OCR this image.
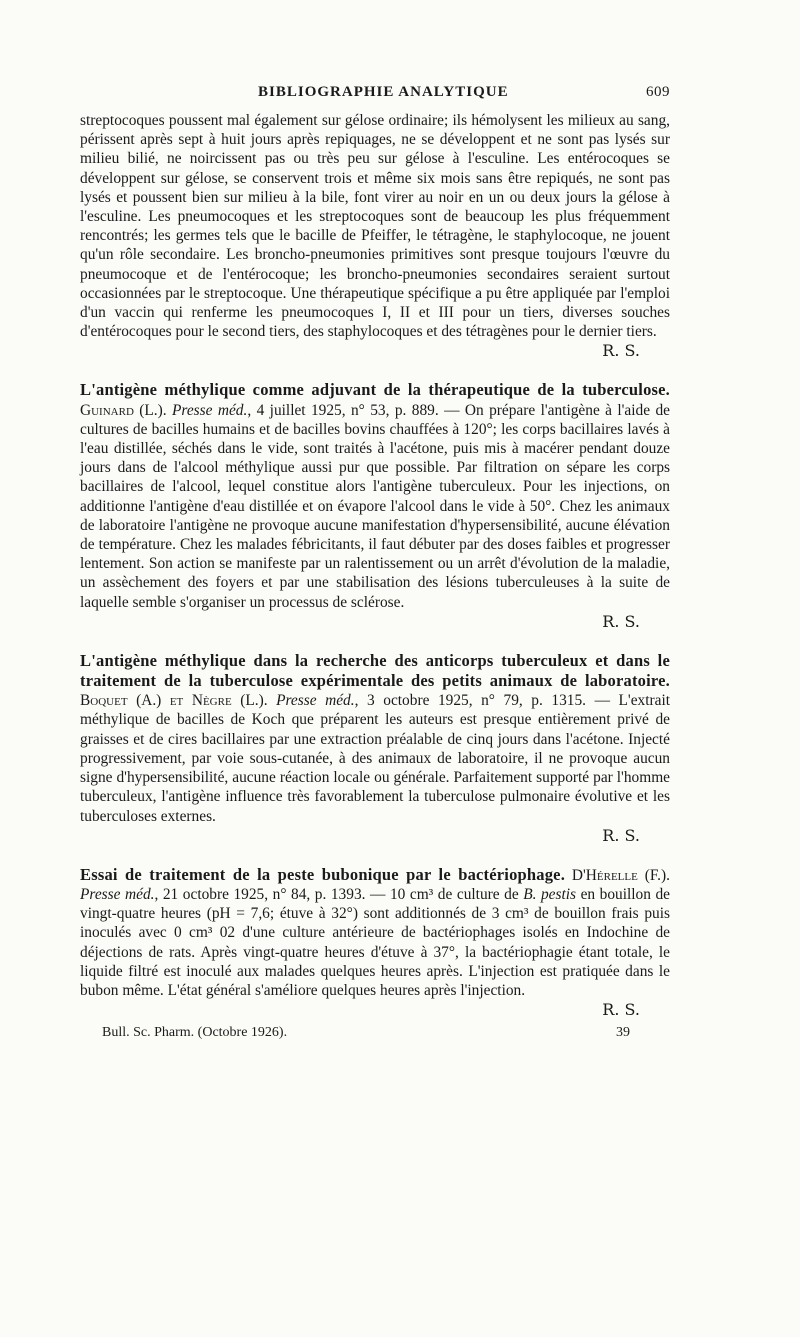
BIBLIOGRAPHIE ANALYTIQUE	609

streptocoques poussent mal également sur gélose ordinaire; ils hémolysent les milieux au sang, périssent après sept à huit jours après repiquages, ne se développent et ne sont pas lysés sur milieu bilié, ne noircissent pas ou très peu sur gélose à l'esculine. Les entérocoques se développent sur gélose, se conservent trois et même six mois sans être repiqués, ne sont pas lysés et poussent bien sur milieu à la bile, font virer au noir en un ou deux jours la gélose à l'esculine. Les pneumocoques et les streptocoques sont de beaucoup les plus fréquemment rencontrés; les germes tels que le bacille de Pfeiffer, le tétragène, le staphylocoque, ne jouent qu'un rôle secondaire. Les broncho-pneumonies primitives sont presque toujours l'œuvre du pneumocoque et de l'entérocoque; les broncho-pneumonies secondaires seraient surtout occasionnées par le streptocoque. Une thérapeutique spécifique a pu être appliquée par l'emploi d'un vaccin qui renferme les pneumocoques I, II et III pour un tiers, diverses souches d'entérocoques pour le second tiers, des staphylocoques et des tétragènes pour le dernier tiers.

R. S.

L'antigène méthylique comme adjuvant de la thérapeutique de la tuberculose. Guinard (L.). Presse méd., 4 juillet 1925, n° 53, p. 889. — On prépare l'antigène à l'aide de cultures de bacilles humains et de bacilles bovins chauffées à 120°; les corps bacillaires lavés à l'eau distillée, séchés dans le vide, sont traités à l'acétone, puis mis à macérer pendant douze jours dans de l'alcool méthylique aussi pur que possible. Par filtration on sépare les corps bacillaires de l'alcool, lequel constitue alors l'antigène tuberculeux. Pour les injections, on additionne l'antigène d'eau distillée et on évapore l'alcool dans le vide à 50°. Chez les animaux de laboratoire l'antigène ne provoque aucune manifestation d'hypersensibilité, aucune élévation de température. Chez les malades fébricitants, il faut débuter par des doses faibles et progresser lentement. Son action se manifeste par un ralentissement ou un arrêt d'évolution de la maladie, un assèchement des foyers et par une stabilisation des lésions tuberculeuses à la suite de laquelle semble s'organiser un processus de sclérose.

R. S.

L'antigène méthylique dans la recherche des anticorps tuberculeux et dans le traitement de la tuberculose expérimentale des petits animaux de laboratoire. Boquet (A.) et Nègre (L.). Presse méd., 3 octobre 1925, n° 79, p. 1315. — L'extrait méthylique de bacilles de Koch que préparent les auteurs est presque entièrement privé de graisses et de cires bacillaires par une extraction préalable de cinq jours dans l'acétone. Injecté progressivement, par voie sous-cutanée, à des animaux de laboratoire, il ne provoque aucun signe d'hypersensibilité, aucune réaction locale ou générale. Parfaitement supporté par l'homme tuberculeux, l'antigène influence très favorablement la tuberculose pulmonaire évolutive et les tuberculoses externes.

R. S.

Essai de traitement de la peste bubonique par le bactériophage. D'Hérelle (F.). Presse méd., 21 octobre 1925, n° 84, p. 1393. — 10 cm³ de culture de B. pestis en bouillon de vingt-quatre heures (pH = 7,6; étuve à 32°) sont additionnés de 3 cm³ de bouillon frais puis inoculés avec 0 cm³ 02 d'une culture antérieure de bactériophages isolés en Indochine de déjections de rats. Après vingt-quatre heures d'étuve à 37°, la bactériophagie étant totale, le liquide filtré est inoculé aux malades quelques heures après. L'injection est pratiquée dans le bubon même. L'état général s'améliore quelques heures après l'injection.

R. S.
Bull. Sc. Pharm. (Octobre 1926).	39
